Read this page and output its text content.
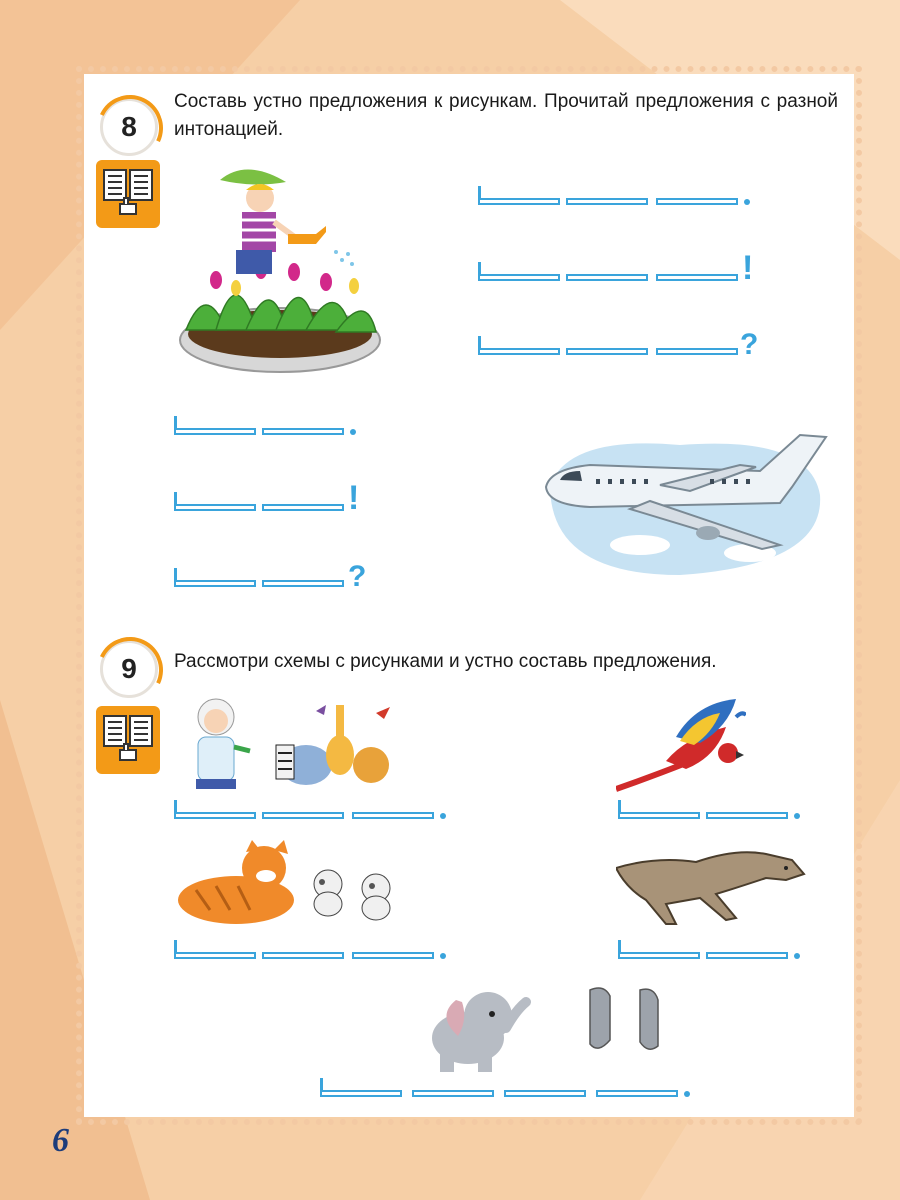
8
Составь устно предложения к рисункам. Прочитай предложения с разной интонацией.
!
?
!
?
9 Рассмотри схемы с рисунками и устно составь предложения.
6
